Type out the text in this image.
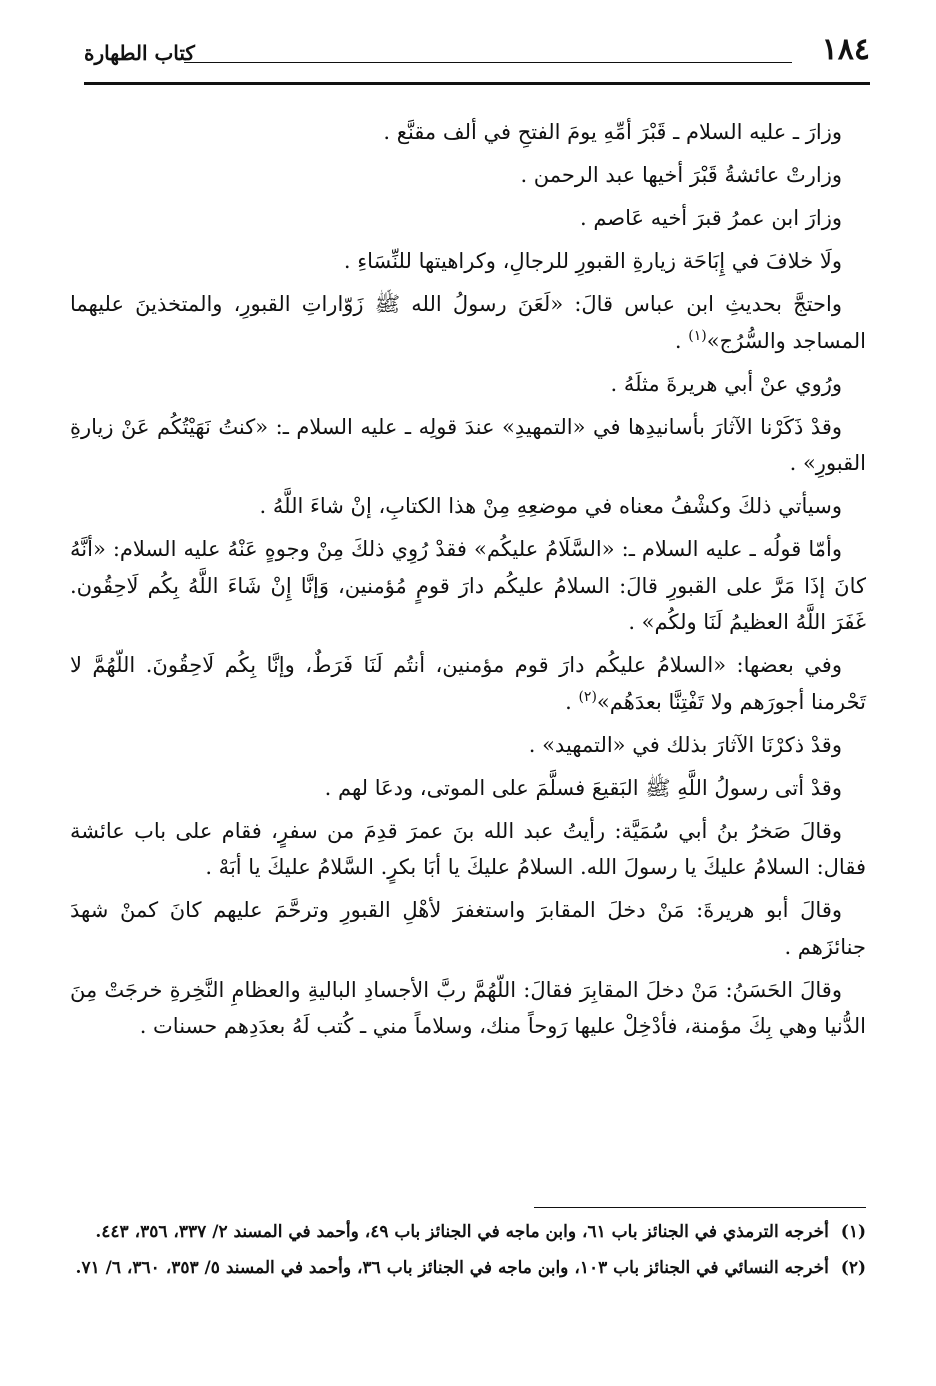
١٨٤
كتاب الطهارة

وزارَ ـ عليه السلام ـ قَبْرَ أمِّهِ يومَ الفتحِ في ألف مقنَّع .

وزارتْ عائشةُ قَبْرَ أخيها عبد الرحمن .

وزارَ ابن عمرُ قبرَ أخيه عَاصم .

ولَا خلافَ في إِبَاحَة زيارةِ القبورِ للرجالِ، وكراهيتها للنِّسَاءِ .

واحتجَّ بحديثِ ابن عباس قالَ: «لَعَنَ رسولُ الله ﷺ زَوّاراتِ القبورِ، والمتخذينَ عليهما المساجد والسُّرُج»$^{(١)}$ .

ورُوي عنْ أبي هريرةَ مثلَهُ .

وقدْ ذَكَرْنا الآثارَ بأسانيدِها في «التمهيدِ» عندَ قولِه ـ عليه السلام ـ: «كنتُ نَهَيْتُكُم عَنْ زيارةِ القبورِ» .

وسيأتي ذلكَ وكشْفُ معناه في موضعِهِ مِنْ هذا الكتابِ، إنْ شاءَ اللَّهُ .

وأمّا قولُه ـ عليه السلام ـ: «السَّلَامُ عليكُم» فقدْ رُوِي ذلكَ مِنْ وجوهٍ عَنْهُ عليه السلام: «أنَّهُ كانَ إذَا مَرَّ على القبورِ قالَ: السلامُ عليكُم دارَ قومٍ مُؤمنين، وَإنَّا إِنْ شَاءَ اللَّهُ بِكُم لَاحِقُون. غَفَرَ اللَّهُ العظيمُ لَنَا ولكُم» .

وفي بعضها: «السلامُ عليكُم دارَ قوم مؤمنين، أنتُم لَنَا فَرَطٌ، وإنَّا بِكُم لَاحِقُونَ. اللّهُمَّ لا تَحْرمنا أجورَهم ولا تَفْتِنَّا بعدَهُم»$^{(٢)}$ .

وقدْ ذكرْنَا الآثارَ بذلك في «التمهيد» .

وقدْ أتى رسولُ اللَّهِ ﷺ البَقيعَ فسلَّمَ على الموتى، ودعَا لهم .

وقالَ صَخرُ بنُ أبي سُمَيَّة: رأيتُ عبد الله بنَ عمرَ قدِمَ من سفرٍ، فقام على باب عائشة فقال: السلامُ عليكَ يا رسولَ الله. السلامُ عليكَ يا أبَا بكرٍ. السَّلامُ عليكَ يا أبَهْ .

وقالَ أبو هريرةَ: مَنْ دخلَ المقابرَ واستغفرَ لأهْلِ القبورِ وترحَّمَ عليهم كانَ كمنْ شهدَ جنائزَهم .

وقالَ الحَسَنُ: مَنْ دخلَ المقابِرَ فقالَ: اللّهُمَّ ربَّ الأجسادِ الباليةِ والعظامِ النَّخِرةِ خرجَتْ مِنَ الدُّنيا وهي بِكَ مؤمنة، فأدْخِلْ عليها رَوحاً منك، وسلاماً مني ـ كُتب لَهُ بعدَدِهم حسنات .

(١) أخرجه الترمذي في الجنائز باب ٦١، وابن ماجه في الجنائز باب ٤٩، وأحمد في المسند ٢/ ٣٣٧، ٣٥٦، ٤٤٣.

(٢) أخرجه النسائي في الجنائز باب ١٠٣، وابن ماجه في الجنائز باب ٣٦، وأحمد في المسند ٥/ ٣٥٣، ٣٦٠، ٦/ ٧١.
